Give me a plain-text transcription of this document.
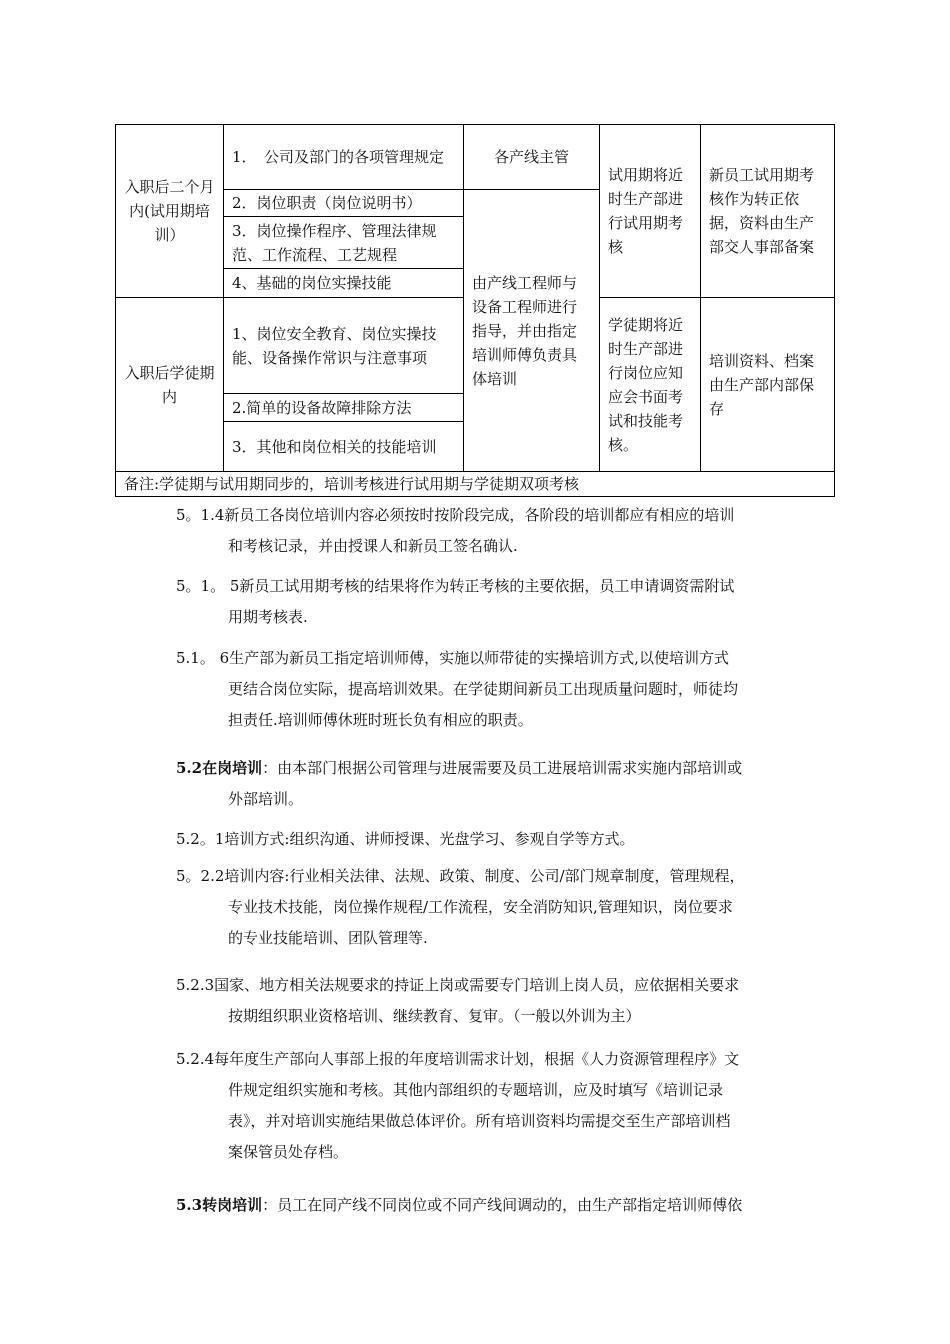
入职后二个月内(试用期培训）	1．　公司及部门的各项管理规定	各产线主管	试用期将近时生产部进行试用期考核	新员工试用期考核作为转正依据，资料由生产部交人事部备案
	2．岗位职责（岗位说明书）	由产线工程师与设备工程师进行指导，并由指定培训师傅负责具体培训		
	3．岗位操作程序、管理法律规范、工作流程、工艺规程			
	4、基础的岗位实操技能			
入职后学徒期内	1、岗位安全教育、岗位实操技能、设备操作常识与注意事项		学徒期将近时生产部进行岗位应知应会书面考试和技能考核。	培训资料、档案由生产部内部保存
	2.简单的设备故障排除方法			
	3．其他和岗位相关的技能培训			
备注:学徒期与试用期同步的，培训考核进行试用期与学徒期双项考核				
5。1.4新员工各岗位培训内容必须按时按阶段完成，各阶段的培训都应有相应的培训
和考核记录，并由授课人和新员工签名确认.
5。1。 5新员工试用期考核的结果将作为转正考核的主要依据，员工申请调资需附试
用期考核表.
5.1。 6生产部为新员工指定培训师傅，实施以师带徒的实操培训方式,以使培训方式
更结合岗位实际，提高培训效果。在学徒期间新员工出现质量问题时，师徒均
担责任.培训师傅休班时班长负有相应的职责。
5.2在岗培训：由本部门根据公司管理与进展需要及员工进展培训需求实施内部培训或
外部培训。
5.2。1培训方式:组织沟通、讲师授课、光盘学习、参观自学等方式。
5。2.2培训内容:行业相关法律、法规、政策、制度、公司/部门规章制度，管理规程，
专业技术技能，岗位操作规程/工作流程，安全消防知识,管理知识，岗位要求
的专业技能培训、团队管理等.
5.2.3国家、地方相关法规要求的持证上岗或需要专门培训上岗人员，应依据相关要求
按期组织职业资格培训、继续教育、复审。（一般以外训为主）
5.2.4每年度生产部向人事部上报的年度培训需求计划，根据《人力资源管理程序》文
件规定组织实施和考核。其他内部组织的专题培训，应及时填写《培训记录
表》，并对培训实施结果做总体评价。所有培训资料均需提交至生产部培训档
案保管员处存档。
5.3转岗培训：员工在同产线不同岗位或不同产线间调动的，由生产部指定培训师傅依
